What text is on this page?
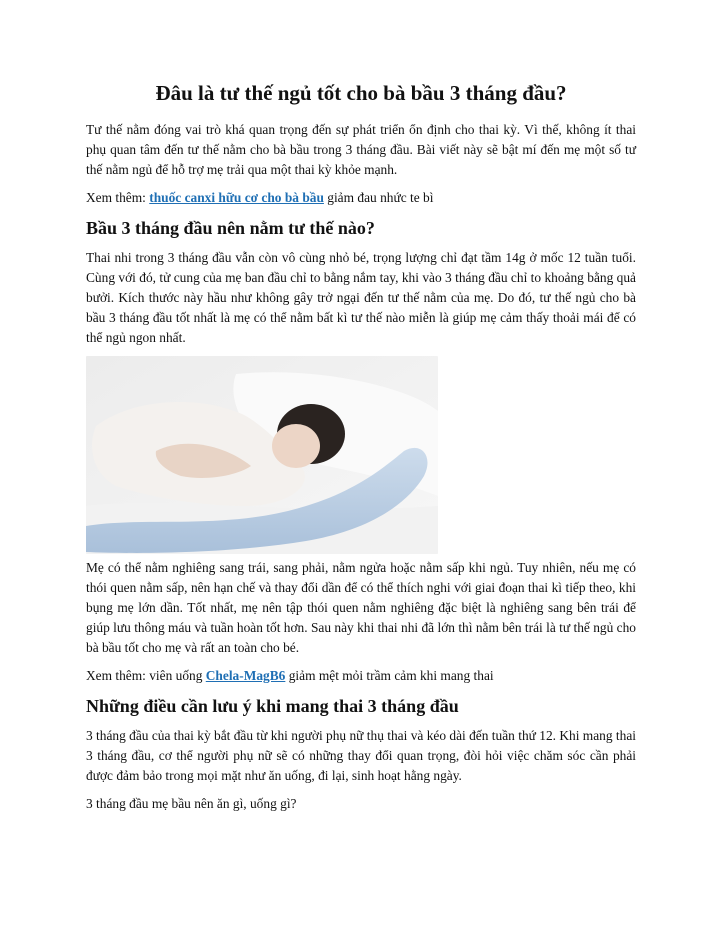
Đâu là tư thế ngủ tốt cho bà bầu 3 tháng đầu?

Tư thế nằm đóng vai trò khá quan trọng đến sự phát triển ổn định cho thai kỳ. Vì thế, không ít thai phụ quan tâm đến tư thế nằm cho bà bầu trong 3 tháng đầu. Bài viết này sẽ bật mí đến mẹ một số tư thế nằm ngủ để hỗ trợ mẹ trải qua một thai kỳ khỏe mạnh.

Xem thêm: thuốc canxi hữu cơ cho bà bầu giảm đau nhức te bì

Bầu 3 tháng đầu nên nằm tư thế nào?

Thai nhi trong 3 tháng đầu vẫn còn vô cùng nhỏ bé, trọng lượng chỉ đạt tầm 14g ở mốc 12 tuần tuổi. Cùng với đó, tử cung của mẹ ban đầu chỉ to bằng nắm tay, khi vào 3 tháng đầu chỉ to khoảng bằng quả bưởi. Kích thước này hầu như không gây trở ngại đến tư thế nằm của mẹ. Do đó, tư thế ngủ cho bà bầu 3 tháng đầu tốt nhất là mẹ có thể nằm bất kì tư thế nào miễn là giúp mẹ cảm thấy thoải mái để có thể ngủ ngon nhất.

Mẹ có thể nằm nghiêng sang trái, sang phải, nằm ngửa hoặc nằm sấp khi ngủ. Tuy nhiên, nếu mẹ có thói quen nằm sấp, nên hạn chế và thay đổi dần để có thể thích nghi với giai đoạn thai kì tiếp theo, khi bụng mẹ lớn dần. Tốt nhất, mẹ nên tập thói quen nằm nghiêng đặc biệt là nghiêng sang bên trái để giúp lưu thông máu và tuần hoàn tốt hơn. Sau này khi thai nhi đã lớn thì nằm bên trái là tư thế ngủ cho bà bầu tốt cho mẹ và rất an toàn cho bé.

Xem thêm: viên uống Chela-MagB6 giảm mệt mỏi trầm cảm khi mang thai

Những điều cần lưu ý khi mang thai 3 tháng đầu

3 tháng đầu của thai kỳ bắt đầu từ khi người phụ nữ thụ thai và kéo dài đến tuần thứ 12. Khi mang thai 3 tháng đầu, cơ thể người phụ nữ sẽ có những thay đổi quan trọng, đòi hỏi việc chăm sóc cần phải được đảm bảo trong mọi mặt như ăn uống, đi lại, sinh hoạt hằng ngày.

3 tháng đầu mẹ bầu nên ăn gì, uống gì?
